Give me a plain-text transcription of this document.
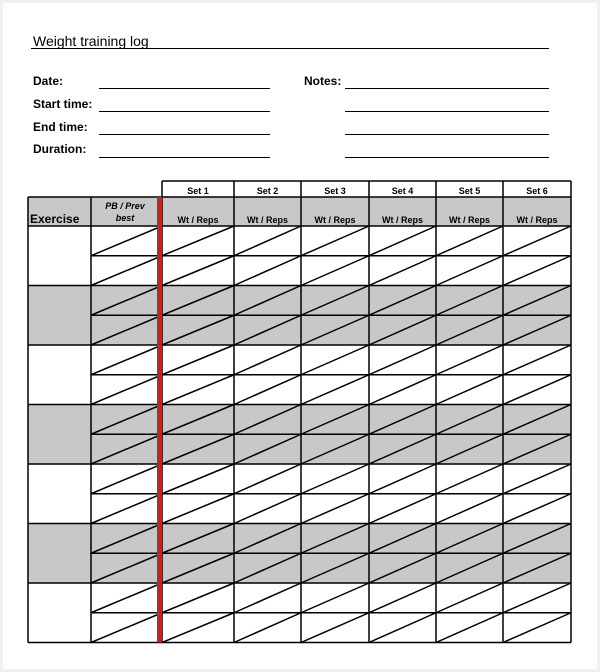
Weight training log
Date:
Start time:
End time:
Duration:
Notes:
Set 1
Wt / Reps
Set 2
Wt / Reps
Set 3
Wt / Reps
Set 4
Wt / Reps
Set 5
Wt / Reps
Set 6
Wt / Reps
Exercise
PB / Prev
best
